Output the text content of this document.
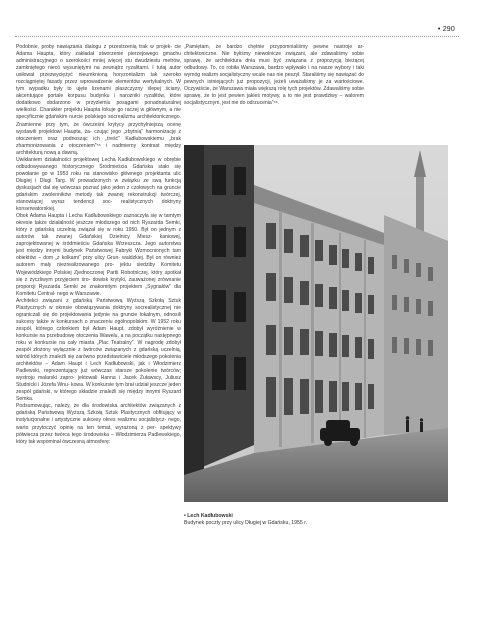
• 290

Podobnie, proby nawiązania dialogu z przestrzenią trak w projek- cie Adama Haupta, który zakładał stworzenie pierzejowego gmachu administracyjnego o szerokości mniej więcej stu dwudziestu metrów, zamkniętego niecó wysuniętymi na zewnątrz ryzalitami. I tutaj autor usiłował przezwyciężyć nieumknioną horyzontalizm tak szeroko rozciągniętej fasady przez wprowadzenie elementów wertykalnych. W tym wypadku były to ujęte lizenami płaszczyzny ślepej ściany, akcentujące portale korpusu budynku i narożniki ryzalitów, które dodatkowo obdarzono w przyziemiu posągami ponadnaturalnej wielkości. Charakter projektu Haupta łokuje go raczej w głównym, a nie specyficznie gdańskim nurcie polskiego socrealizmu architektonicznego. Znamienne przy tym, że ówcześni krytycy przychylniejszą ocenę wystawili projektowi Haupta, ża- czując jego „zbytnią” harmonizację z otoczeniem oraz podnosząc ich „treść” Kadłubowskiemu „brak zharmonizowania z otoczeniem”⁵⁵ i nadmierny kontrast między architekturą nową a dawną.

Uwikłaniem działalności projektowej Lecha Kadłubowskiego w obrębie odbudowywanego historycznego Śródmieścia Gdańska stało się powołanie go w 1953 roku na stanowisko głównego projektanta ulic Długiej i Długi Targ. W prowadzonych w związku ze swą funkcją dyskusjach dał się wówczas poznać jako jeden z czołowych na gruncie gdańskim zwolenników metody tak zwanej rekonstrukcji twórczej, stanowiącej wyraz tendencji soc- realistycznych doktryny konserwatorskiej.

Obok Adama Haupta i Lecha Kadłubowskiego zaznaczyła się w tamtym okresie także działalność jeszcze młodszego od nich Ryszarda Semki, który z gdańską uczelnią związał się w roku 1950. Był on jednym z autorów tak zwanej Gdańskiej Dzielnicy Miesz- kaniowej, zaprojektowanej w śródmieściu Gdańska Wrzeszcza. Jego autorstwa jest między innymi budynek Państwowej Fabryki Wzmocnionych tam obiektów – dom „z kolkami” przy ulicy Grun- waldzkiej. Był on również autorem mały niezrealizowanego pro- jektu siedziby Komitetu Wojewódzkiego Polskiej Zjednoczonej Partii Robotniczej, który spotkał się z życzliwym przyjęciem śro- dowisk krytyki, zauważonej zrównanie proporcji Ryszarda Semki ze znakomitym projektem „Sygnałów” dla Komitetu Central- nego w Warszawie.

Architekci związani z gdańską Państwową Wyższą Szkołą Sztuk Plastycznych w okresie obowiązywania doktryny socrealistycznej nie ograniczali się do projektowania jedynie na gruncie lokalnym, odnosili sukcesy także w konkursach o znaczeniu ogólnopolskim. W 1952 roku zespół, którego członkiem był Adam Haupt, zdobył wyróżnienie w konkursie na przebudowę otoczenia Wawelu, a na początku następnego roku w konkursie na cały miasta „Plac Teatralny”. W nagrodę zdobył zespół złożony wyłącznie z twórców związanych z gdańską uczelnią, wśród których znaleźli się zarówno przedstawiciele młodszego pokolenia architektów – Adam Haupt i Lech Kadłubowski, jak i Włodzimierz Padlewski, reprezentujący już wówczas starsze pokolenie twórców; wystroju malarski zapro- jektowali Hanna i Jacek Żuławscy, Juliusz Studnicki i Józefa Wnu- kowa. W konkursie tym brał udział jeszcze jeden zespół gdański, w którego składzie znaleźli się między innymi Ryszard Semka.

Podsumowując, należy, że dla środowiska architektów związanych z gdańską Państwową Wyższą Szkołą Sztuk Plastycznych obfitujący w instytucjonalne i artystyczne sukcesy okres realizmu socjalistycz- nego, warto przytoczyć opinię na ten temat, wyrażoną z per- spektywy półwiecza przez twórca tego środowiska – Włodzimierza Padlewskiego, który tak wspominał ówczesną atmosferę:

„Pamiętam, że bardzo chętnie przypomnialiśmy pewne nastroje ar- chitektoniczne. Nie byliśmy niewolnicze związani, ale zdawaliśmy sobie sprawę, że architektura dnia musi być związana z propozycją bieżącej odbudowy. To, co robiła Warszawa, bardzo wpływało i na nasze wybory i taki wymóg realizm socjalistyczny wcale nas nie peszył. Staraliśmy się nawiązać do pewnych istniejących już propozycji, jeżeli uważaliśmy je za wartościowe. Oczywiście, że Warszawa miała większą rolę tych projektów. Zdawaliśmy sobie sprawę, że to jest pewien jakieś motywy, a to nie jest prawdziwy – walorem socjalistycznym, jest nie do odrzucenia”⁵⁶.

• Lech Kadłubowski
Budynek poczty przy ulicy Długiej w Gdańsku, 1955 r.
